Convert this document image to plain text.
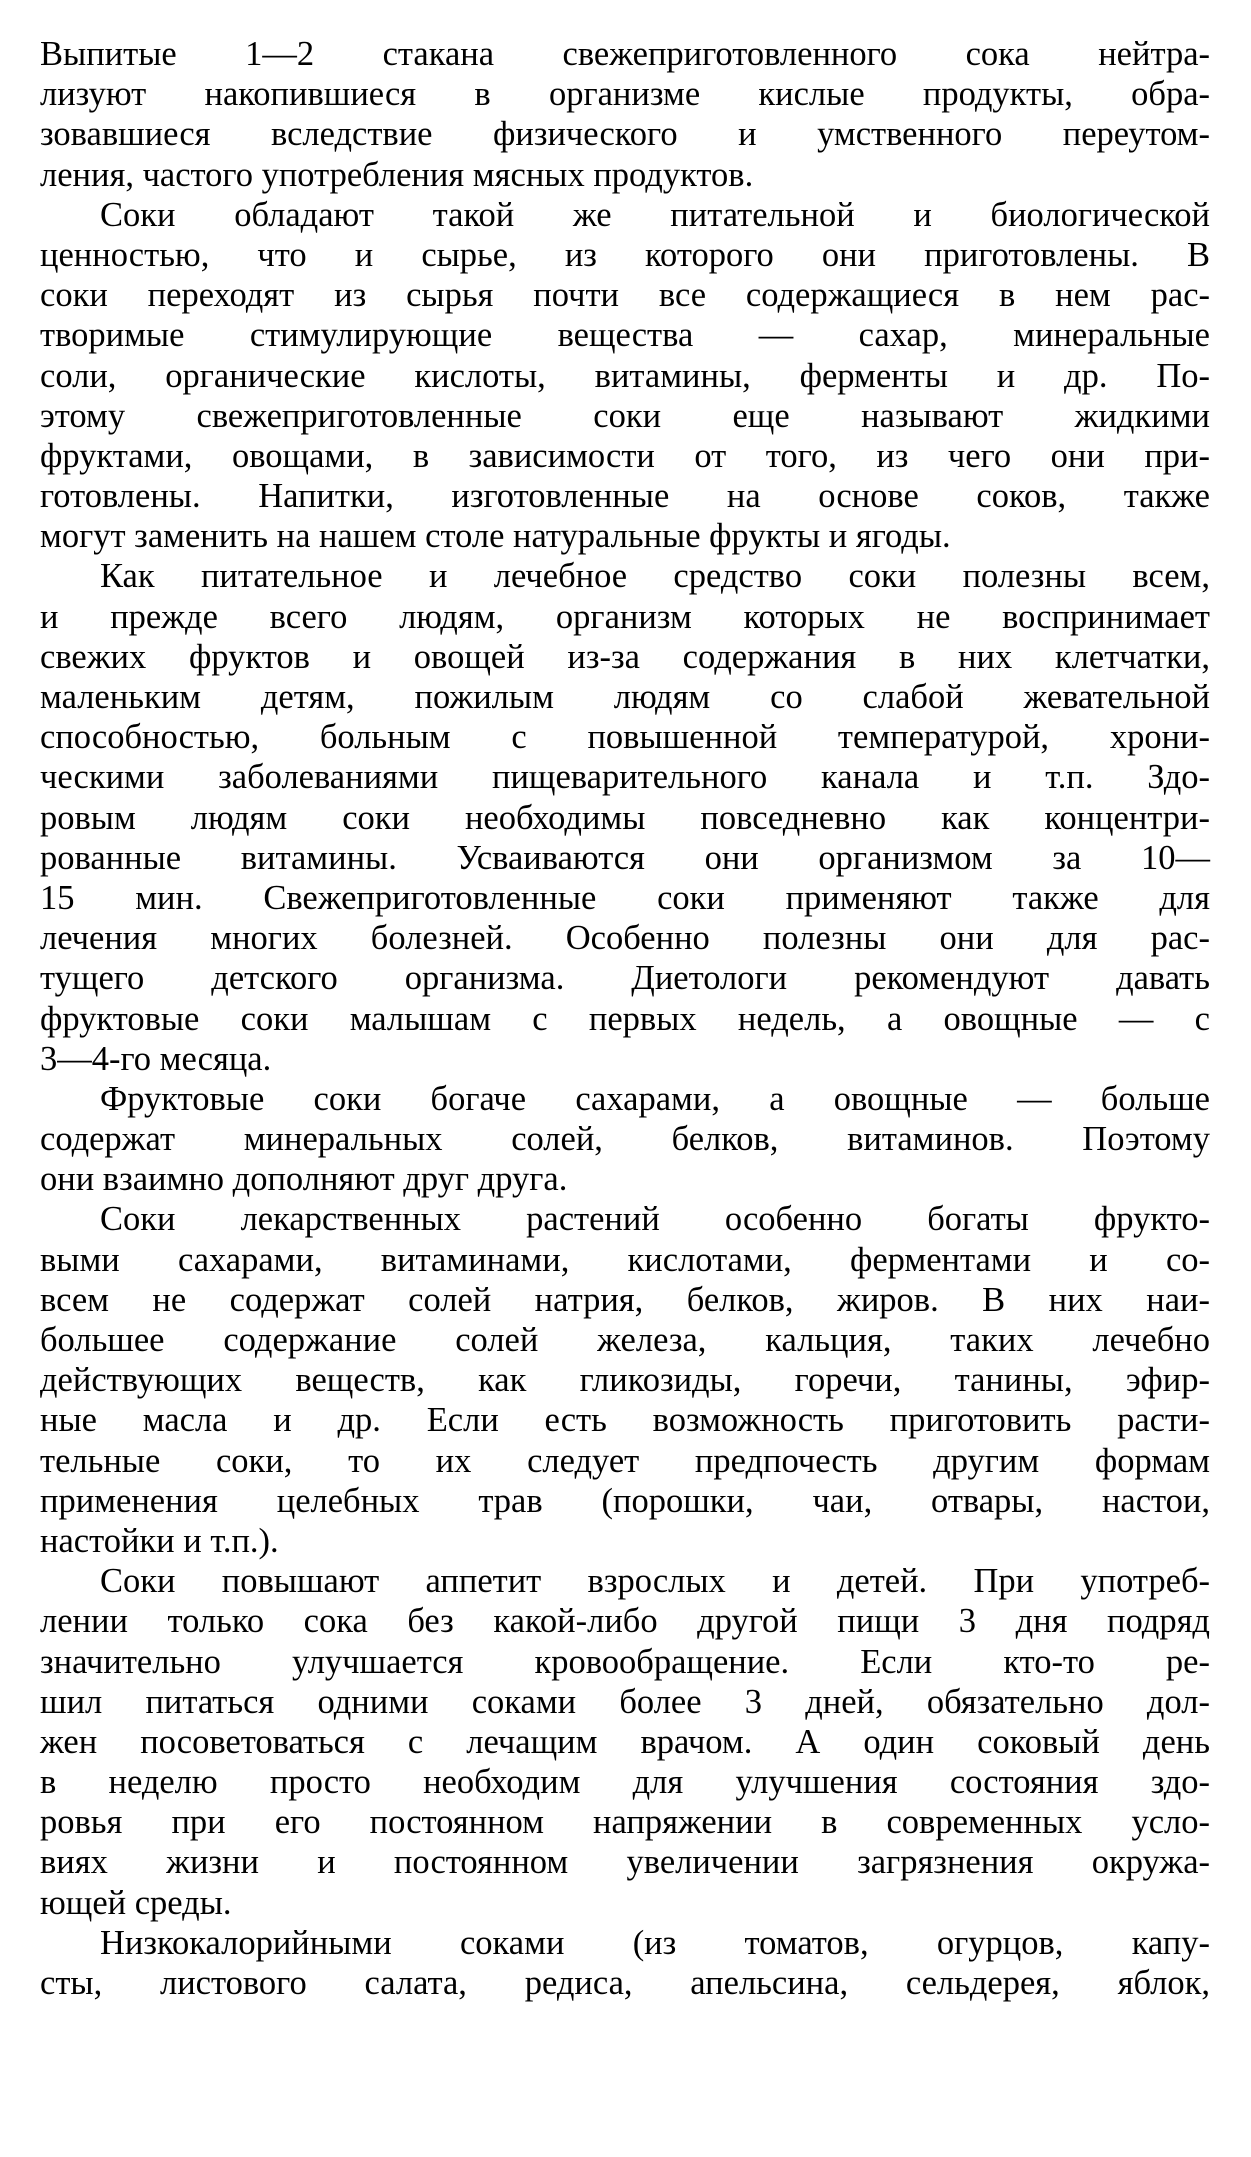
Выпитые 1—2 стакана свежеприготовленного сока нейтра-
лизуют накопившиеся в организме кислые продукты, обра-
зовавшиеся вследствие физического и умственного переутом-
ления, частого употребления мясных продуктов.
Соки обладают такой же питательной и биологической
ценностью, что и сырье, из которого они приготовлены. В
соки переходят из сырья почти все содержащиеся в нем рас-
творимые стимулирующие вещества — сахар, минеральные
соли, органические кислоты, витамины, ферменты и др. По-
этому свежеприготовленные соки еще называют жидкими
фруктами, овощами, в зависимости от того, из чего они при-
готовлены. Напитки, изготовленные на основе соков, также
могут заменить на нашем столе натуральные фрукты и ягоды.
Как питательное и лечебное средство соки полезны всем,
и прежде всего людям, организм которых не воспринимает
свежих фруктов и овощей из-за содержания в них клетчатки,
маленьким детям, пожилым людям со слабой жевательной
способностью, больным с повышенной температурой, хрони-
ческими заболеваниями пищеварительного канала и т.п. Здо-
ровым людям соки необходимы повседневно как концентри-
рованные витамины. Усваиваются они организмом за 10—
15 мин. Свежеприготовленные соки применяют также для
лечения многих болезней. Особенно полезны они для рас-
тущего детского организма. Диетологи рекомендуют давать
фруктовые соки малышам с первых недель, а овощные — с
3—4-го месяца.
Фруктовые соки богаче сахарами, а овощные — больше
содержат минеральных солей, белков, витаминов. Поэтому
они взаимно дополняют друг друга.
Соки лекарственных растений особенно богаты фрукто-
выми сахарами, витаминами, кислотами, ферментами и со-
всем не содержат солей натрия, белков, жиров. В них наи-
большее содержание солей железа, кальция, таких лечебно
действующих веществ, как гликозиды, горечи, танины, эфир-
ные масла и др. Если есть возможность приготовить расти-
тельные соки, то их следует предпочесть другим формам
применения целебных трав (порошки, чаи, отвары, настои,
настойки и т.п.).
Соки повышают аппетит взрослых и детей. При употреб-
лении только сока без какой-либо другой пищи 3 дня подряд
значительно улучшается кровообращение. Если кто-то ре-
шил питаться одними соками более 3 дней, обязательно дол-
жен посоветоваться с лечащим врачом. А один соковый день
в неделю просто необходим для улучшения состояния здо-
ровья при его постоянном напряжении в современных усло-
виях жизни и постоянном увеличении загрязнения окружа-
ющей среды.
Низкокалорийными соками (из томатов, огурцов, капу-
сты, листового салата, редиса, апельсина, сельдерея, яблок,
